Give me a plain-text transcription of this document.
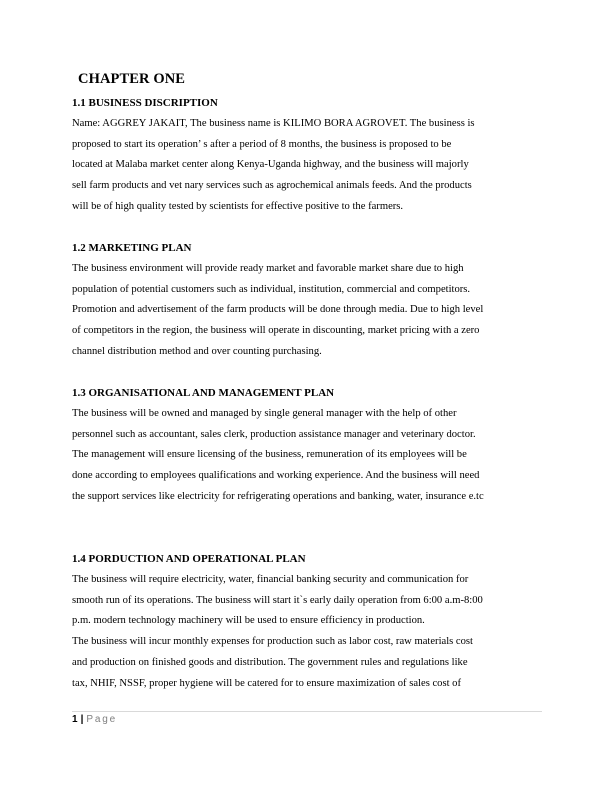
CHAPTER ONE
1.1 BUSINESS DISCRIPTION
Name: AGGREY JAKAIT, The business name is KILIMO BORA AGROVET. The business is
proposed to start its operation’ s after a period of 8 months, the business is proposed to be
located at Malaba market center along Kenya-Uganda highway, and the business will majorly
sell farm products and vet nary services such as agrochemical animals feeds. And the products
will be of high quality tested by scientists for effective positive to the farmers.
1.2 MARKETING PLAN
The business environment will provide ready market and favorable market share due to high
population of potential customers such as individual, institution, commercial and competitors.
Promotion and advertisement of the farm products will be done through media. Due to high level
of competitors in the region, the business will operate in discounting, market pricing with a zero
channel distribution method and over counting purchasing.
1.3 ORGANISATIONAL AND MANAGEMENT PLAN
The business will be owned and managed by single general manager with the help of other
personnel such as accountant, sales clerk, production assistance manager and veterinary doctor.
The management will ensure licensing of the business, remuneration of its employees will be
done according to employees qualifications and working experience. And the business will need
the support services like electricity for refrigerating operations and banking, water, insurance e.tc
1.4 PORDUCTION AND OPERATIONAL PLAN
The business will require electricity, water, financial banking security and communication for
smooth run of its operations. The business will start it`s early daily operation from 6:00 a.m-8:00
p.m. modern technology machinery will be used to ensure efficiency in production.
The business will incur monthly expenses for production such as labor cost, raw materials cost
and production on finished goods and distribution. The government rules and regulations like
tax, NHIF, NSSF, proper hygiene will be catered for to ensure maximization of sales cost of
1 | Page
